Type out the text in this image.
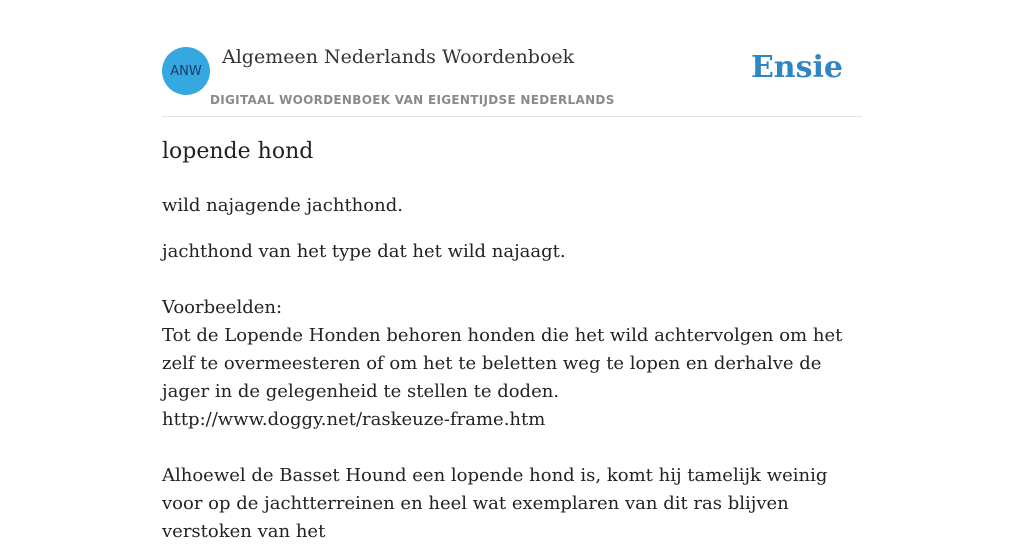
ANW
Algemeen Nederlands Woordenboek
DIGITAAL WOORDENBOEK VAN EIGENTIJDSE NEDERLANDS
Ensie
lopende hond
wild najagende jachthond.
jachthond van het type dat het wild najaagt.

Voorbeelden:
Tot de Lopende Honden behoren honden die het wild achtervolgen om het zelf te overmeesteren of om het te beletten weg te lopen en derhalve de jager in de gelegenheid te stellen te doden.
http://www.doggy.net/raskeuze-frame.htm

Alhoewel de Basset Hound een lopende hond is, komt hij tamelijk weinig voor op de jachtterreinen en heel wat exemplaren van dit ras blijven verstoken van het
